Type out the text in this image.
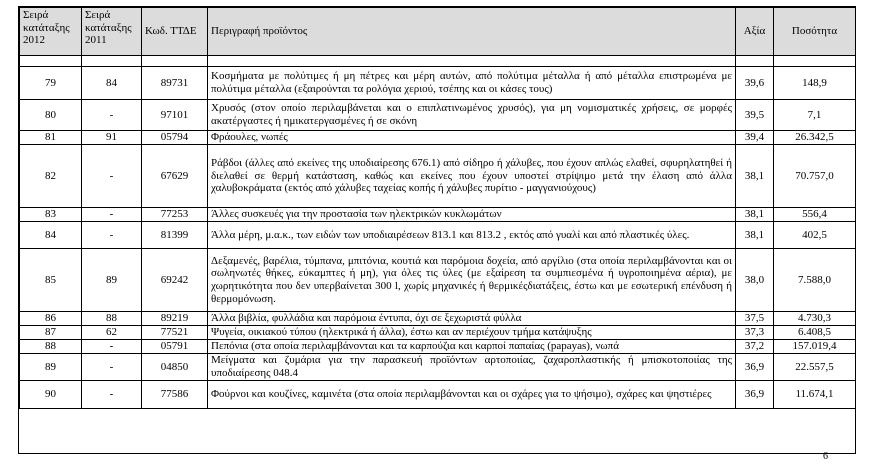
Σειρά κατάταξης 2012	Σειρά κατάταξης 2011	Κωδ. ΤΤΔΕ	Περιγραφή προϊόντος	Αξία	Ποσότητα

79	84	89731	Κοσμήματα με πολύτιμες ή μη πέτρες και μέρη αυτών, από πολύτιμα μέταλλα ή από μέταλλα επιστρωμένα με πολύτιμα μέταλλα (εξαιρούνται τα ρολόγια χεριού, τσέπης και οι κάσες τους)	39,6	148,9
80	-	97101	Χρυσός (στον οποίο περιλαμβάνεται και ο επιπλατινωμένος χρυσός), για μη νομισματικές χρήσεις, σε μορφές ακατέργαστες ή ημικατεργασμένες ή σε σκόνη	39,5	7,1
81	91	05794	Φράουλες, νωπές	39,4	26.342,5
82	-	67629	Ράβδοι (άλλες από εκείνες της υποδιαίρεσης 676.1) από σίδηρο ή χάλυβες, που έχουν απλώς ελαθεί, σφυρηλατηθεί ή διελαθεί σε θερμή κατάσταση, καθώς και εκείνες που έχουν υποστεί στρίψιμο μετά την έλαση από άλλα χαλυβοκράματα (εκτός από χάλυβες ταχείας κοπής ή χάλυβες πυρίτιο - μαγγανιούχους)	38,1	70.757,0
83	-	77253	Άλλες συσκευές για την προστασία των ηλεκτρικών κυκλωμάτων	38,1	556,4
84	-	81399	Άλλα μέρη, μ.α.κ., των ειδών των υποδιαιρέσεων 813.1 και 813.2 , εκτός από γυαλί και από πλαστικές ύλες.	38,1	402,5
85	89	69242	Δεξαμενές, βαρέλια, τύμπανα, μπιτόνια, κουτιά και παρόμοια δοχεία, από αργίλιο (στα οποία περιλαμβάνονται και οι σωληνωτές θήκες, εύκαμπτες ή μη), για όλες τις ύλες (με εξαίρεση τα συμπιεσμένα ή υγροποιημένα αέρια), με χωρητικότητα που δεν υπερβαίνεται 300 l, χωρίς μηχανικές ή θερμικέςδιατάξεις, έστω και με εσωτερική επένδυση ή θερμομόνωση.	38,0	7.588,0
86	88	89219	Άλλα βιβλία, φυλλάδια και παρόμοια έντυπα, όχι σε ξεχωριστά φύλλα	37,5	4.730,3
87	62	77521	Ψυγεία, οικιακού τύπου (ηλεκτρικά ή άλλα), έστω και αν περιέχουν τμήμα κατάψυξης	37,3	6.408,5
88	-	05791	Πεπόνια (στα οποία περιλαμβάνονται και τα καρπούζια και καρποί παπαίας (papayas), νωπά	37,2	157.019,4
89	-	04850	Μείγματα και ζυμάρια για την παρασκευή προϊόντων αρτοποιίας, ζαχαροπλαστικής ή μπισκοτοποιίας της υποδιαίρεσης 048.4	36,9	22.557,5
90	-	77586	Φούρνοι και κουζίνες, καμινέτα (στα οποία περιλαμβάνονται και οι σχάρες για το ψήσιμο), σχάρες και ψηστιέρες	36,9	11.674,1
6
